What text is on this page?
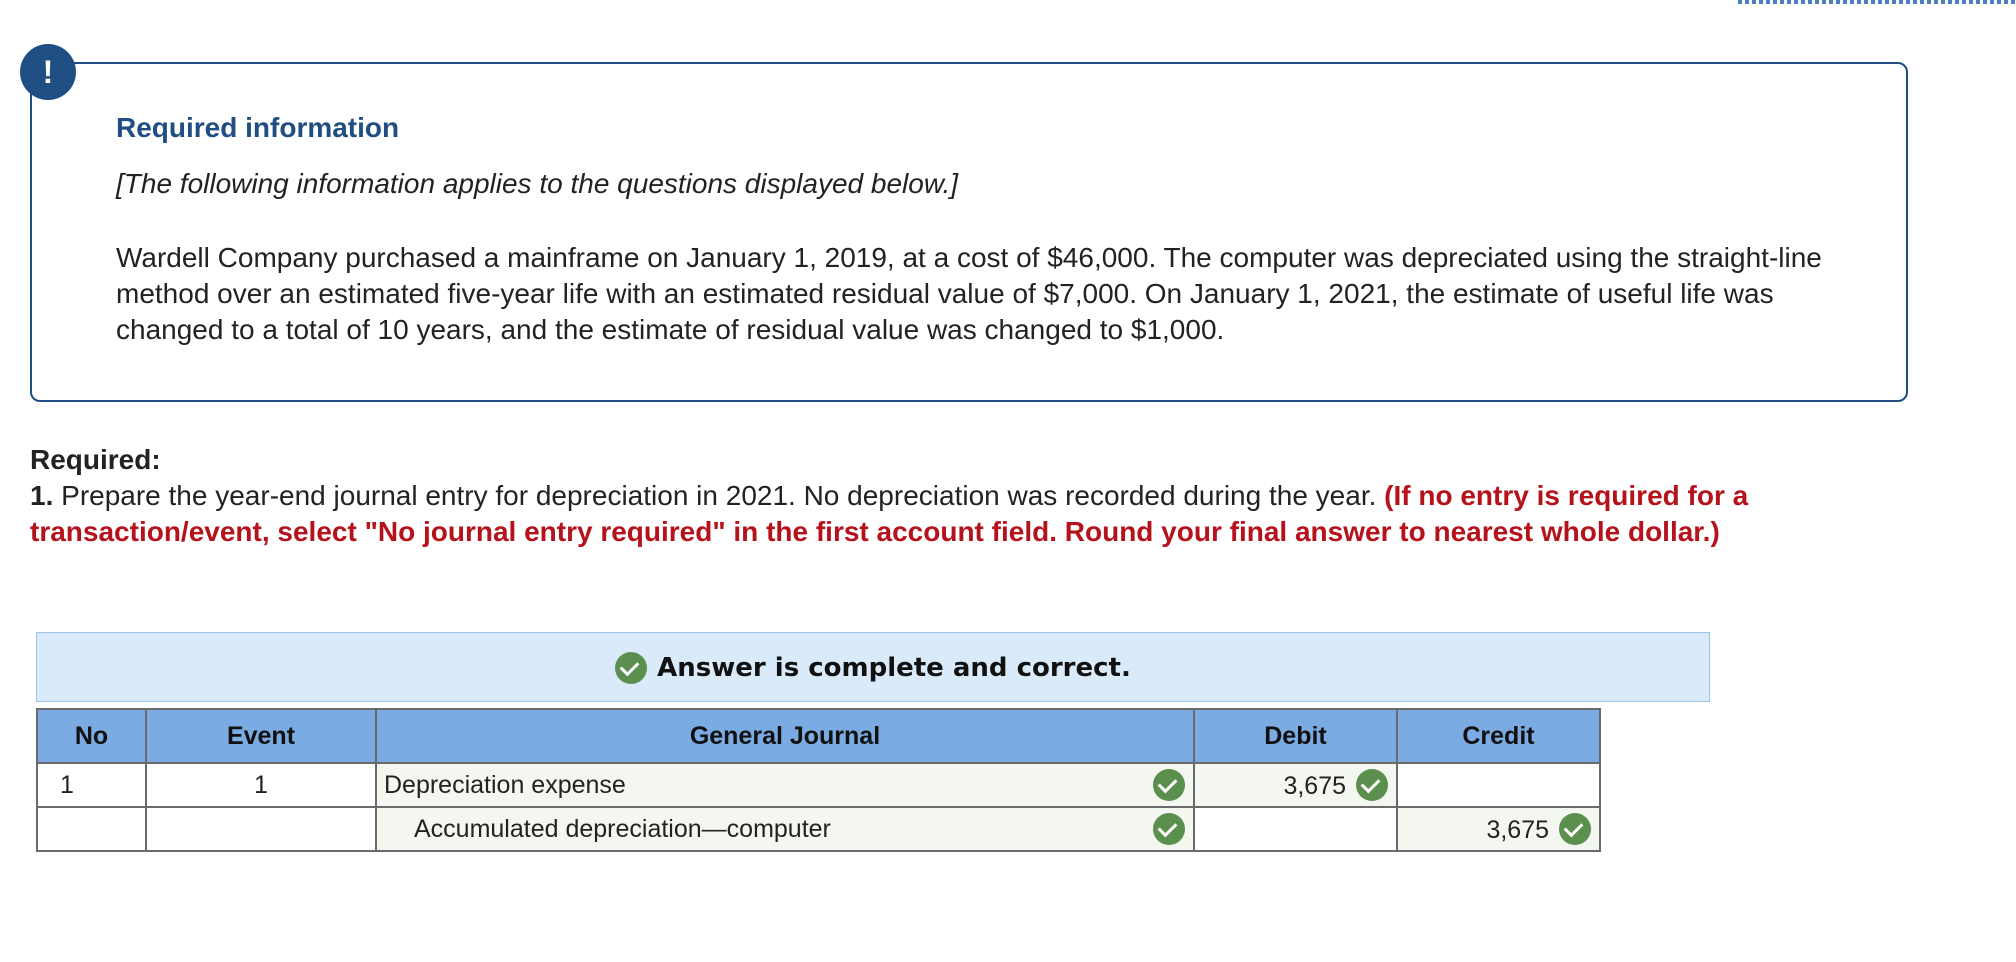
!
Required information
[The following information applies to the questions displayed below.]
Wardell Company purchased a mainframe on January 1, 2019, at a cost of $46,000. The computer was depreciated using the straight-line method over an estimated five-year life with an estimated residual value of $7,000. On January 1, 2021, the estimate of useful life was changed to a total of 10 years, and the estimate of residual value was changed to $1,000.
Required:
1. Prepare the year-end journal entry for depreciation in 2021. No depreciation was recorded during the year. (If no entry is required for a transaction/event, select "No journal entry required" in the first account field. Round your final answer to nearest whole dollar.)
Answer is complete and correct.
No	Event	General Journal	Debit	Credit
1	1	Depreciation expense	3,675	

		Accumulated depreciation—computer		3,675
